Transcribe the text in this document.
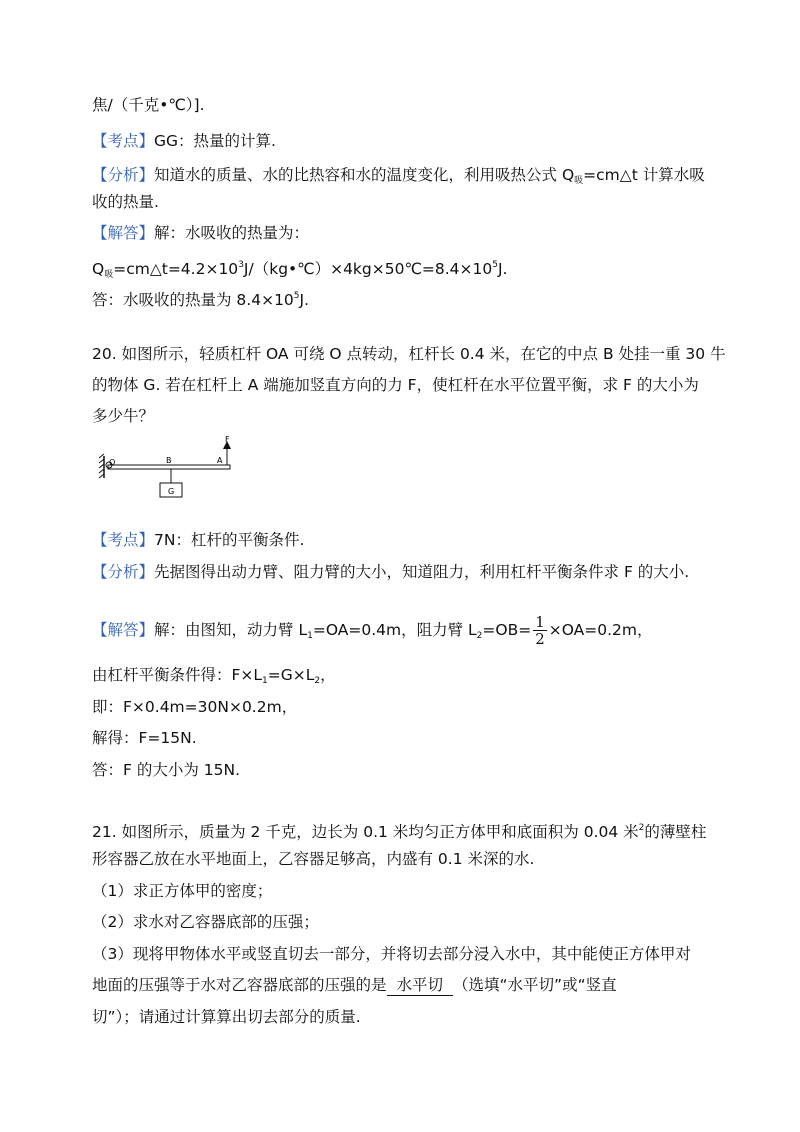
焦/（千克•℃）].
【考点】GG：热量的计算.
【分析】知道水的质量、水的比热容和水的温度变化，利用吸热公式 $Q_吸=cm\triangle t$ 计算水吸
收的热量.
【解答】解：水吸收的热量为：
$Q_吸=cm\triangle t=4.2\times 10^3J/(kg•℃)\times 4kg\times 50℃=8.4\times 10^5J$.
答：水吸收的热量为 $8.4\times 10^5J$.
20. 如图所示，轻质杠杆 OA 可绕 O 点转动，杠杆长 0.4 米，在它的中点 B 处挂一重 30 牛
的物体 G. 若在杠杆上 A 端施加竖直方向的力 F，使杠杆在水平位置平衡，求 F 的大小为
多少牛？
O	B	A
F
G
【考点】7N：杠杆的平衡条件.
【分析】先据图得出动力臂、阻力臂的大小，知道阻力，利用杠杆平衡条件求 F 的大小.
【解答】解：由图知，动力臂 $L_1=OA=0.4m$，阻力臂 $L_2=OB= \frac{1}{2} \times OA=0.2m$，
由杠杆平衡条件得：$F\times L_1=G\times L_2$，
即：F×0.4m=30N×0.2m，
解得：F=15N.
答：F 的大小为 15N.
21. 如图所示，质量为 2 千克，边长为 0.1 米均匀正方体甲和底面积为 0.04 米$^2$的薄壁柱
形容器乙放在水平地面上，乙容器足够高，内盛有 0.1 米深的水.
（1）求正方体甲的密度；
（2）求水对乙容器底部的压强；
（3）现将甲物体水平或竖直切去一部分，并将切去部分浸入水中，其中能使正方体甲对
地面的压强等于水对乙容器底部的压强的是 水平切 （选填“水平切”或“竖直
切”）；请通过计算算出切去部分的质量.
